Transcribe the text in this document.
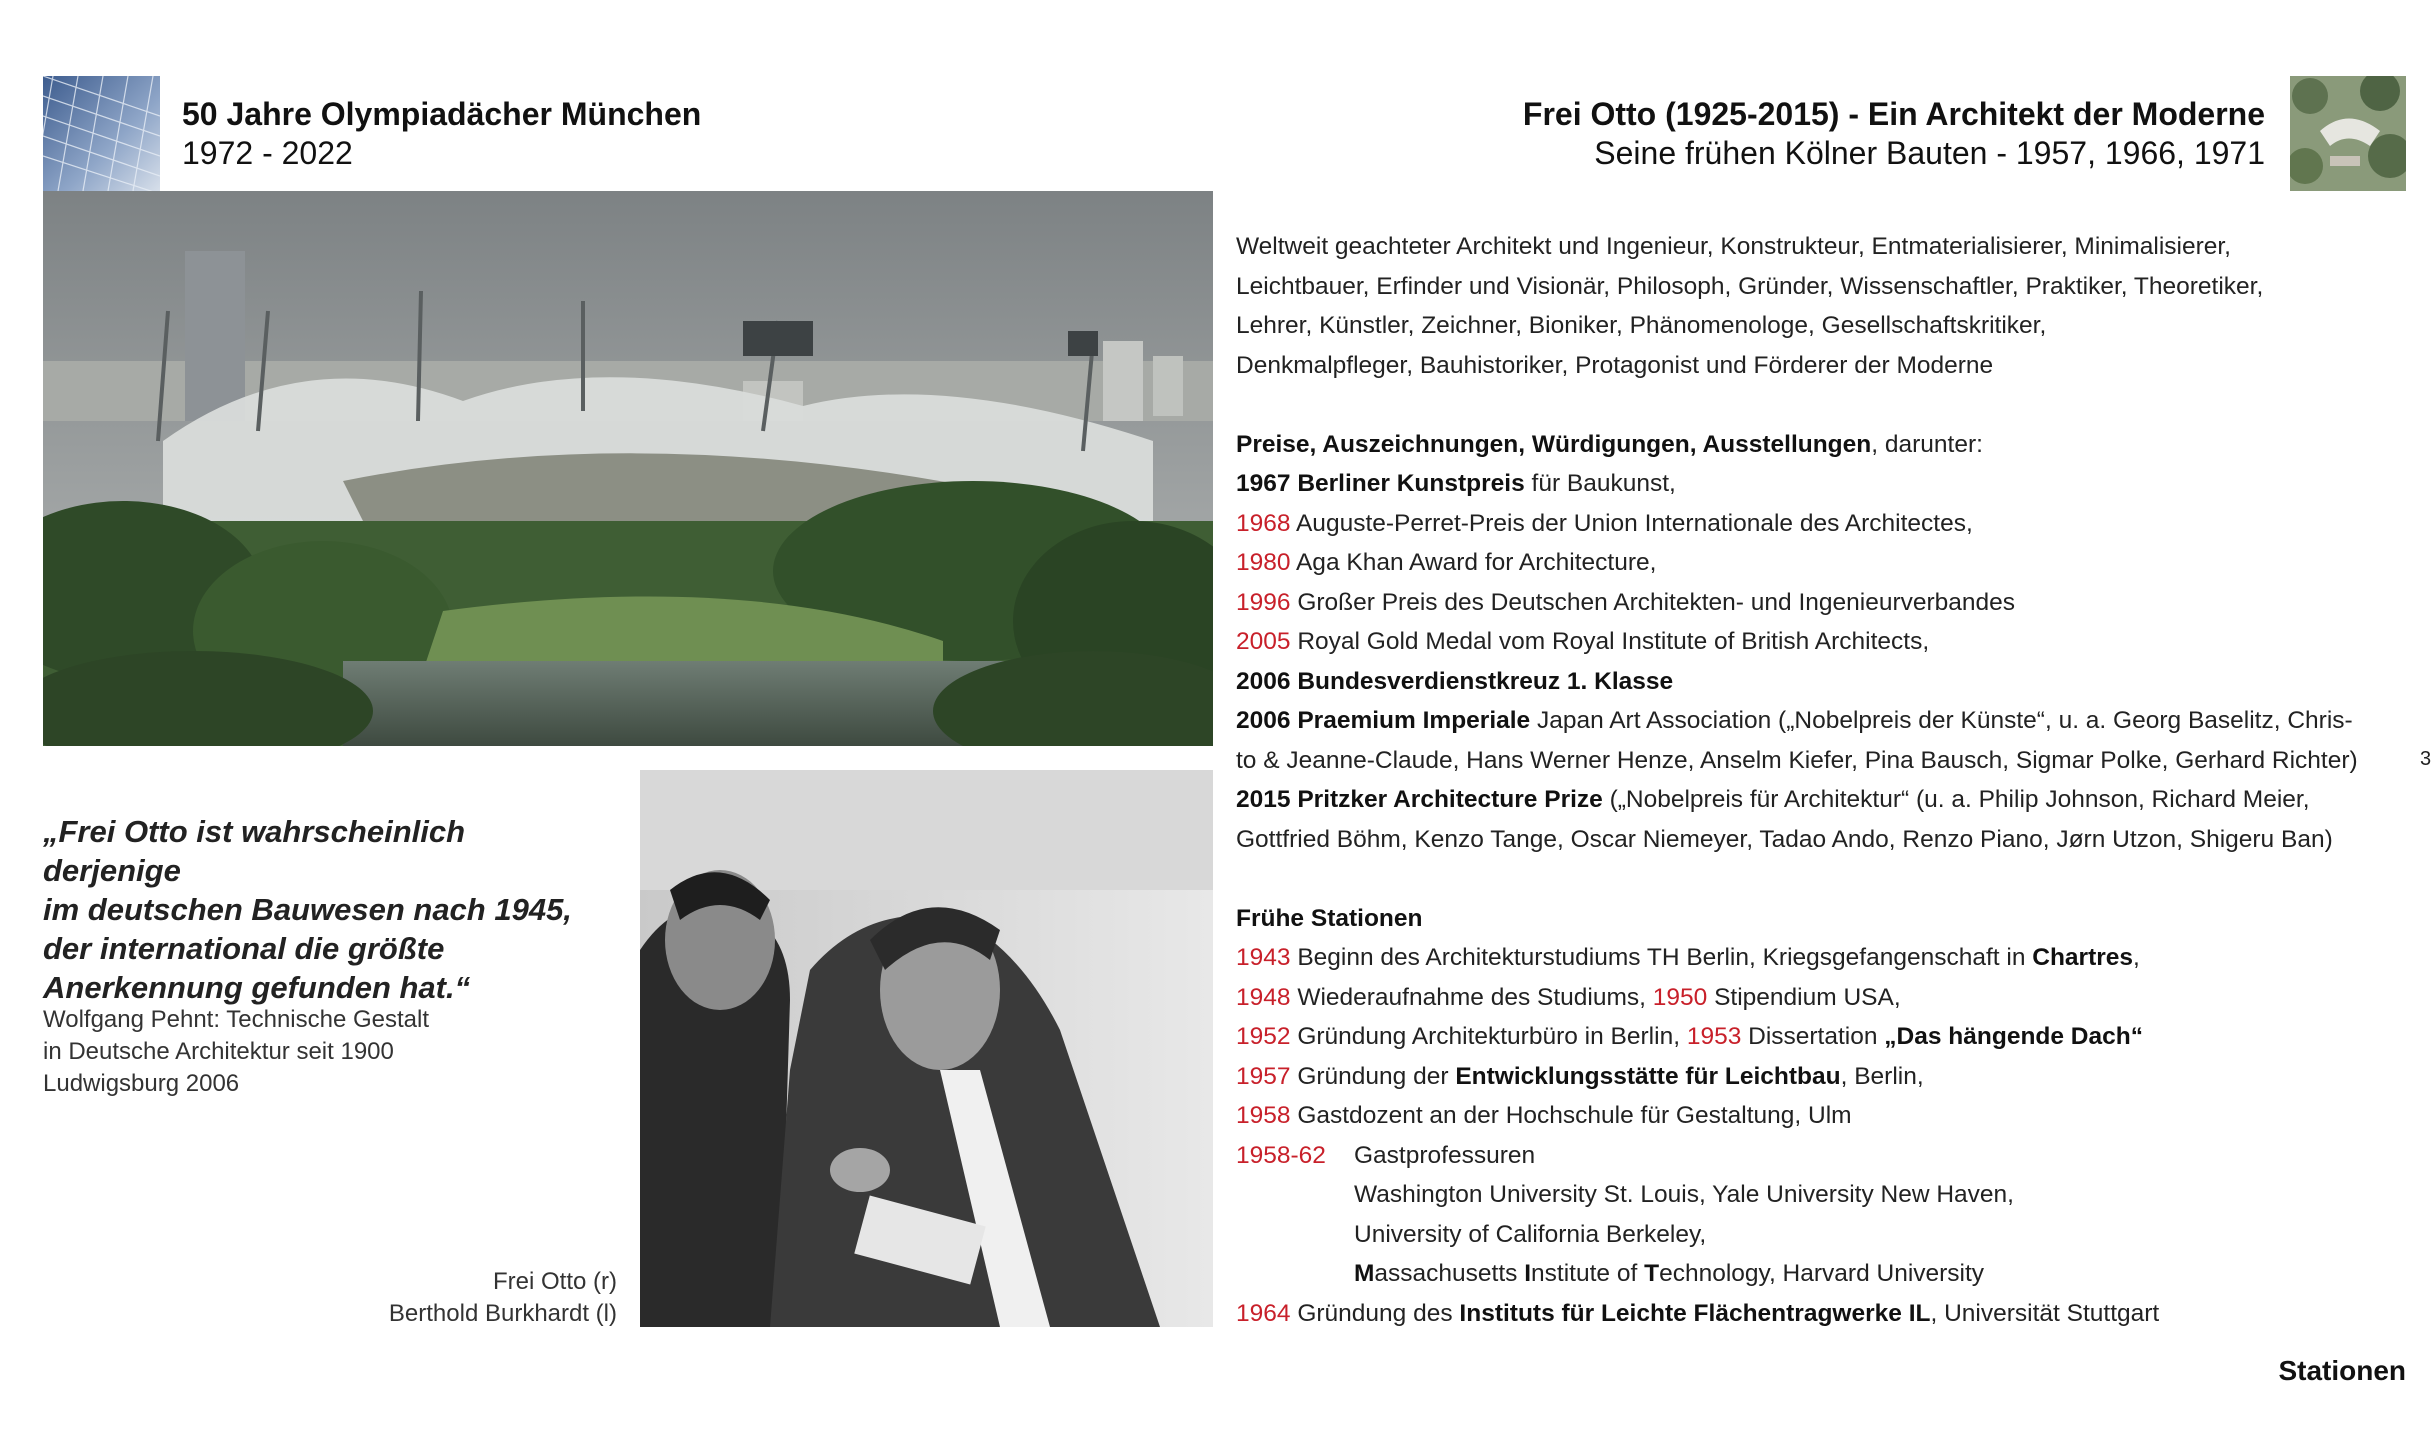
50 Jahre Olympiadächer München
1972 - 2022
Frei Otto (1925-2015) - Ein Architekt der Moderne
Seine frühen Kölner Bauten - 1957, 1966, 1971
„Frei Otto ist wahrscheinlich derjenige
im deutschen Bauwesen nach 1945,
der international die größte
Anerkennung gefunden hat.“
Wolfgang Pehnt: Technische Gestalt
in Deutsche Architektur seit 1900
Ludwigsburg 2006
Frei Otto (r)
Berthold Burkhardt (l)

Weltweit geachteter Architekt und Ingenieur, Konstrukteur, Entmaterialisierer, Minimalisierer,

Leichtbauer, Erfinder und Visionär, Philosoph, Gründer, Wissenschaftler, Praktiker, Theoretiker,

Lehrer, Künstler, Zeichner, Bioniker, Phänomenologe, Gesellschaftskritiker,

Denkmalpfleger, Bauhistoriker, Protagonist und Förderer der Moderne

Preise, Auszeichnungen, Würdigungen, Ausstellungen, darunter:

1967 Berliner Kunstpreis für Baukunst,

1968 Auguste-Perret-Preis der Union Internationale des Architectes,

1980 Aga Khan Award for Architecture,

1996 Großer Preis des Deutschen Architekten- und Ingenieurverbandes

2005 Royal Gold Medal vom Royal Institute of British Architects,

2006 Bundesverdienstkreuz 1. Klasse

2006 Praemium Imperiale Japan Art Association („Nobelpreis der Künste“, u. a. Georg Baselitz, Chris-

to & Jeanne-Claude, Hans Werner Henze, Anselm Kiefer, Pina Bausch, Sigmar Polke, Gerhard Richter)

2015 Pritzker Architecture Prize („Nobelpreis für Architektur“ (u. a. Philip Johnson, Richard Meier,

Gottfried Böhm, Kenzo Tange, Oscar Niemeyer, Tadao Ando, Renzo Piano, Jørn Utzon, Shigeru Ban)

Frühe Stationen

1943 Beginn des Architekturstudiums TH Berlin, Kriegsgefangenschaft in Chartres,

1948 Wiederaufnahme des Studiums, 1950 Stipendium USA,

1952 Gründung Architekturbüro in Berlin, 1953 Dissertation „Das hängende Dach“

1957 Gründung der Entwicklungsstätte für Leichtbau, Berlin,

1958 Gastdozent an der Hochschule für Gestaltung, Ulm

1958-62 Gastprofessuren

Washington University St. Louis, Yale University New Haven,

University of California Berkeley,

Massachusetts Institute of Technology, Harvard University

1964 Gründung des Instituts für Leichte Flächentragwerke IL, Universität Stuttgart

3
Stationen
